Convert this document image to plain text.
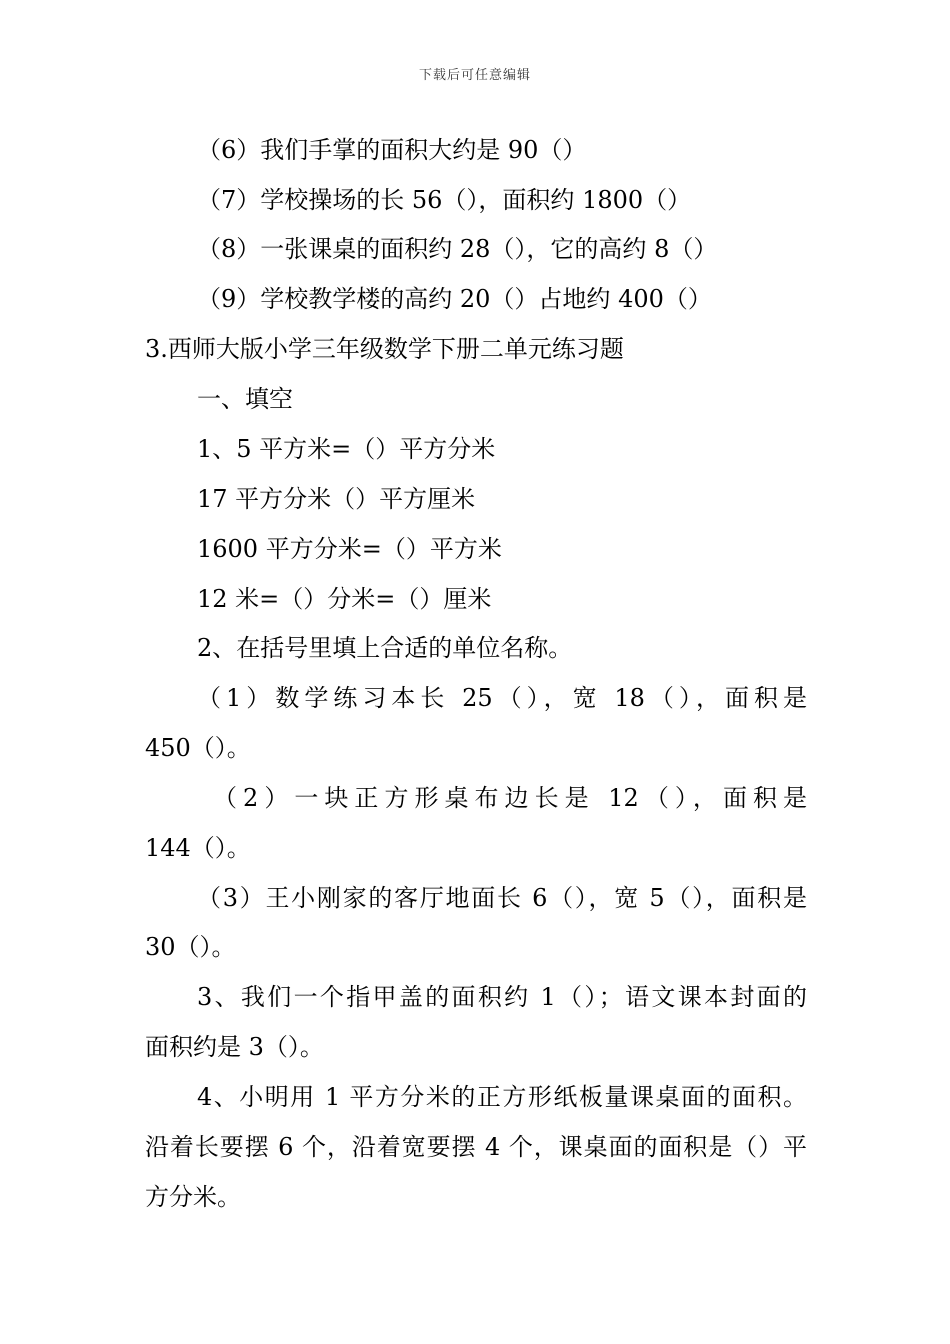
下载后可任意编辑
（6）我们手掌的面积大约是 90（）
（7）学校操场的长 56（），面积约 1800（）
（8）一张课桌的面积约 28（），它的高约 8（）
（9）学校教学楼的高约 20（）占地约 400（）
3.西师大版小学三年级数学下册二单元练习题
一、填空
1、5 平方米=（）平方分米
17 平方分米（）平方厘米
1600 平方分米=（）平方米
12 米=（）分米=（）厘米
2、在括号里填上合适的单位名称。
（1）数学练习本长 25（），宽 18（），面积是
450（）。
（2）一块正方形桌布边长是 12（），面积是
144（）。
（3）王小刚家的客厅地面长 6（），宽 5（），面积是
30（）。
3、我们一个指甲盖的面积约 1（）；语文课本封面的
面积约是 3（）。
4、小明用 1 平方分米的正方形纸板量课桌面的面积。
沿着长要摆 6 个，沿着宽要摆 4 个，课桌面的面积是（）平
方分米。
